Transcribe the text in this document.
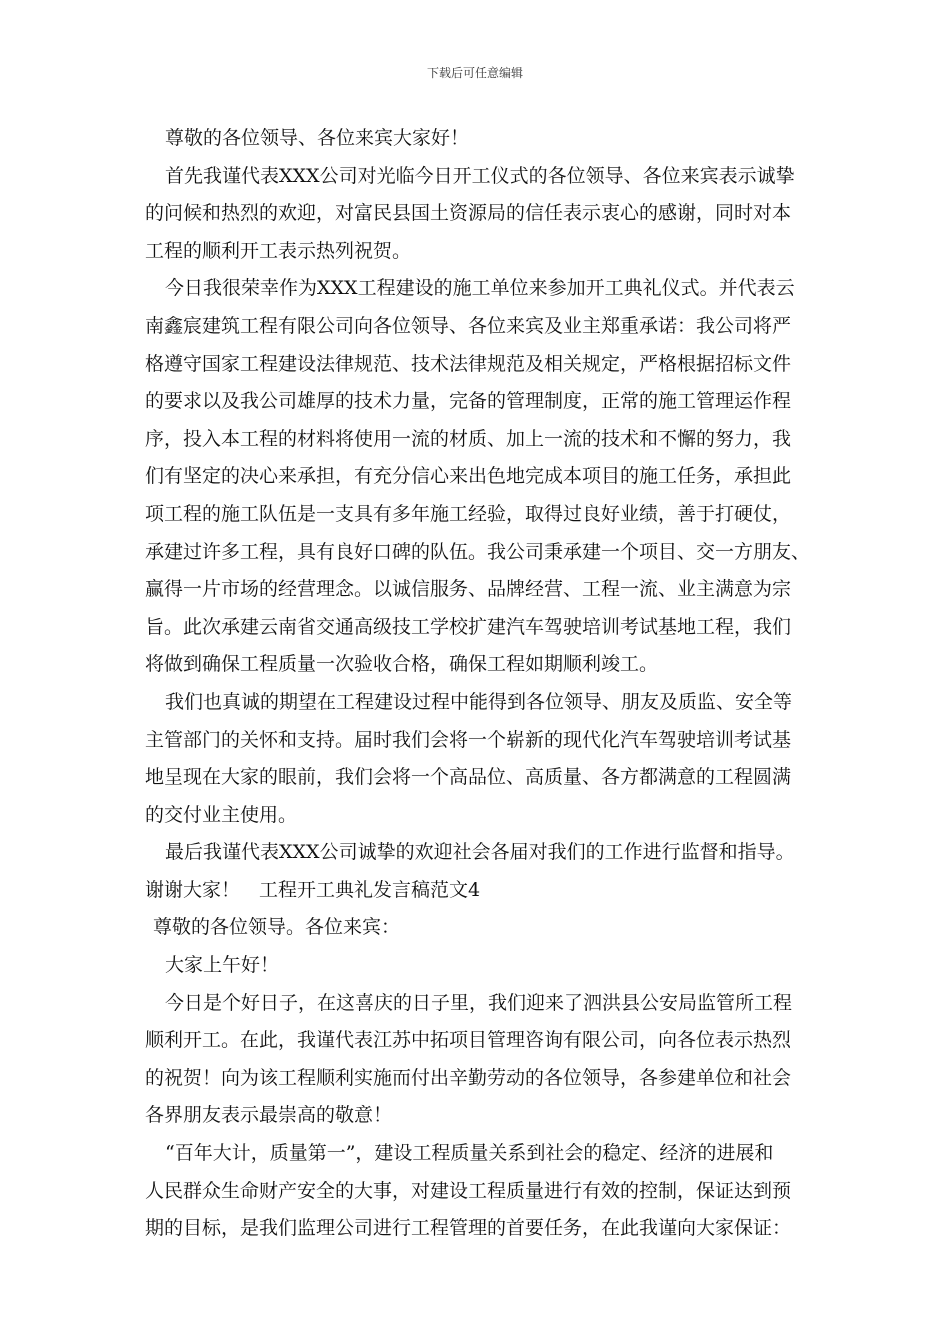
下载后可任意编辑
尊敬的各位领导、各位来宾大家好！
首先我谨代表XXX公司对光临今日开工仪式的各位领导、各位来宾表示诚挚
的问候和热烈的欢迎，对富民县国土资源局的信任表示衷心的感谢，同时对本
工程的顺利开工表示热列祝贺。
今日我很荣幸作为XXX工程建设的施工单位来参加开工典礼仪式。并代表云
南鑫宸建筑工程有限公司向各位领导、各位来宾及业主郑重承诺：我公司将严
格遵守国家工程建设法律规范、技术法律规范及相关规定，严格根据招标文件
的要求以及我公司雄厚的技术力量，完备的管理制度，正常的施工管理运作程
序，投入本工程的材料将使用一流的材质、加上一流的技术和不懈的努力，我
们有坚定的决心来承担，有充分信心来出色地完成本项目的施工任务，承担此
项工程的施工队伍是一支具有多年施工经验，取得过良好业绩，善于打硬仗，
承建过许多工程，具有良好口碑的队伍。我公司秉承建一个项目、交一方朋友、
赢得一片市场的经营理念。以诚信服务、品牌经营、工程一流、业主满意为宗
旨。此次承建云南省交通高级技工学校扩建汽车驾驶培训考试基地工程，我们
将做到确保工程质量一次验收合格，确保工程如期顺利竣工。
我们也真诚的期望在工程建设过程中能得到各位领导、朋友及质监、安全等
主管部门的关怀和支持。届时我们会将一个崭新的现代化汽车驾驶培训考试基
地呈现在大家的眼前，我们会将一个高品位、高质量、各方都满意的工程圆满
的交付业主使用。
最后我谨代表XXX公司诚挚的欢迎社会各届对我们的工作进行监督和指导。
谢谢大家！　工程开工典礼发言稿范文4
尊敬的各位领导。各位来宾：
大家上午好！
今日是个好日子，在这喜庆的日子里，我们迎来了泗洪县公安局监管所工程
顺利开工。在此，我谨代表江苏中拓项目管理咨询有限公司，向各位表示热烈
的祝贺！向为该工程顺利实施而付出辛勤劳动的各位领导，各参建单位和社会
各界朋友表示最崇高的敬意！
“百年大计，质量第一”，建设工程质量关系到社会的稳定、经济的进展和
人民群众生命财产安全的大事，对建设工程质量进行有效的控制，保证达到预
期的目标，是我们监理公司进行工程管理的首要任务，在此我谨向大家保证：
